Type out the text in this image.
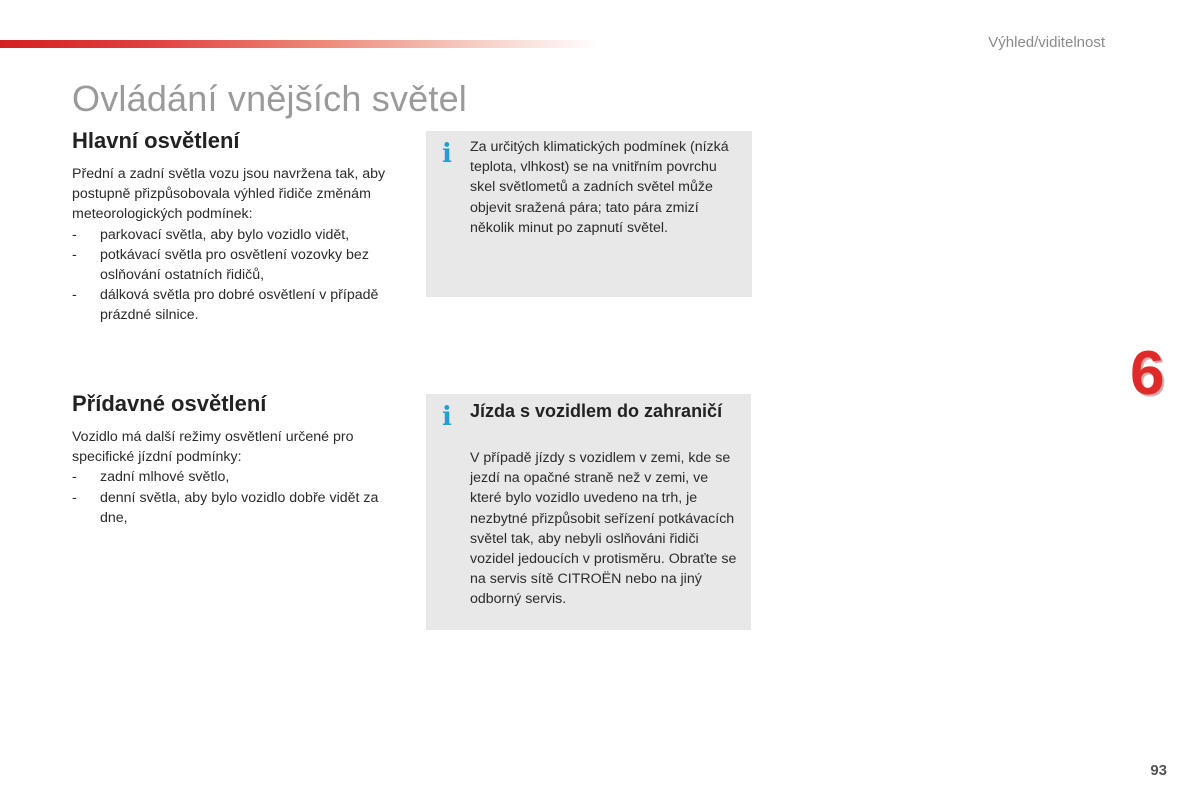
Výhled/viditelnost
Ovládání vnějších světel
Hlavní osvětlení

Přední a zadní světla vozu jsou navržena tak, aby postupně přizpůsobovala výhled řidiče změnám meteorologických podmínek:

- parkovací světla, aby bylo vozidlo vidět,
- potkávací světla pro osvětlení vozovky bez oslňování ostatních řidičů,
- dálková světla pro dobré osvětlení v případě prázdné silnice.
i Za určitých klimatických podmínek (nízká teplota, vlhkost) se na vnitřním povrchu skel světlometů a zadních světel může objevit sražená pára; tato pára zmizí několik minut po zapnutí světel.

Přídavné osvětlení

Vozidlo má další režimy osvětlení určené pro specifické jízdní podmínky:

- zadní mlhové světlo,
- denní světla, aby bylo vozidlo dobře vidět za dne,
i Jízda s vozidlem do zahraničí

V případě jízdy s vozidlem v zemi, kde se jezdí na opačné straně než v zemi, ve které bylo vozidlo uvedeno na trh, je nezbytné přizpůsobit seřízení potkávacích světel tak, aby nebyli oslňováni řidiči vozidel jedoucích v protisměru. Obraťte se na servis sítě CITROËN nebo na jiný odborný servis.

6
93
